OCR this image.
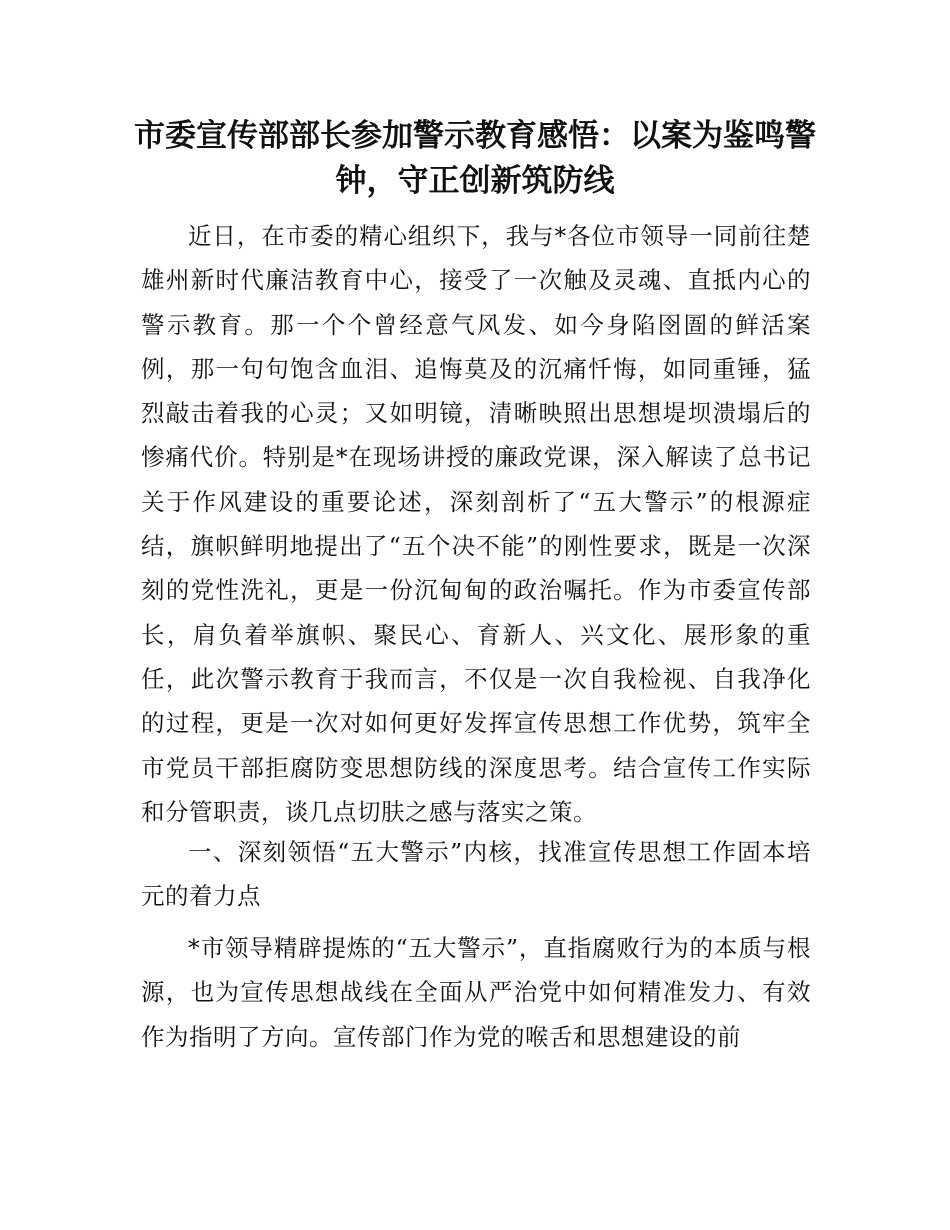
市委宣传部部长参加警示教育感悟：以案为鉴鸣警钟，守正创新筑防线

近日，在市委的精心组织下，我与*各位市领导一同前往楚雄州新时代廉洁教育中心，接受了一次触及灵魂、直抵内心的警示教育。那一个个曾经意气风发、如今身陷囹圄的鲜活案例，那一句句饱含血泪、追悔莫及的沉痛忏悔，如同重锤，猛烈敲击着我的心灵；又如明镜，清晰映照出思想堤坝溃塌后的惨痛代价。特别是*在现场讲授的廉政党课，深入解读了总书记关于作风建设的重要论述，深刻剖析了“五大警示”的根源症结，旗帜鲜明地提出了“五个决不能”的刚性要求，既是一次深刻的党性洗礼，更是一份沉甸甸的政治嘱托。作为市委宣传部长，肩负着举旗帜、聚民心、育新人、兴文化、展形象的重任，此次警示教育于我而言，不仅是一次自我检视、自我净化的过程，更是一次对如何更好发挥宣传思想工作优势，筑牢全市党员干部拒腐防变思想防线的深度思考。结合宣传工作实际和分管职责，谈几点切肤之感与落实之策。

一、深刻领悟“五大警示”内核，找准宣传思想工作固本培元的着力点

*市领导精辟提炼的“五大警示”，直指腐败行为的本质与根源，也为宣传思想战线在全面从严治党中如何精准发力、有效作为指明了方向。宣传部门作为党的喉舌和思想建设的前
